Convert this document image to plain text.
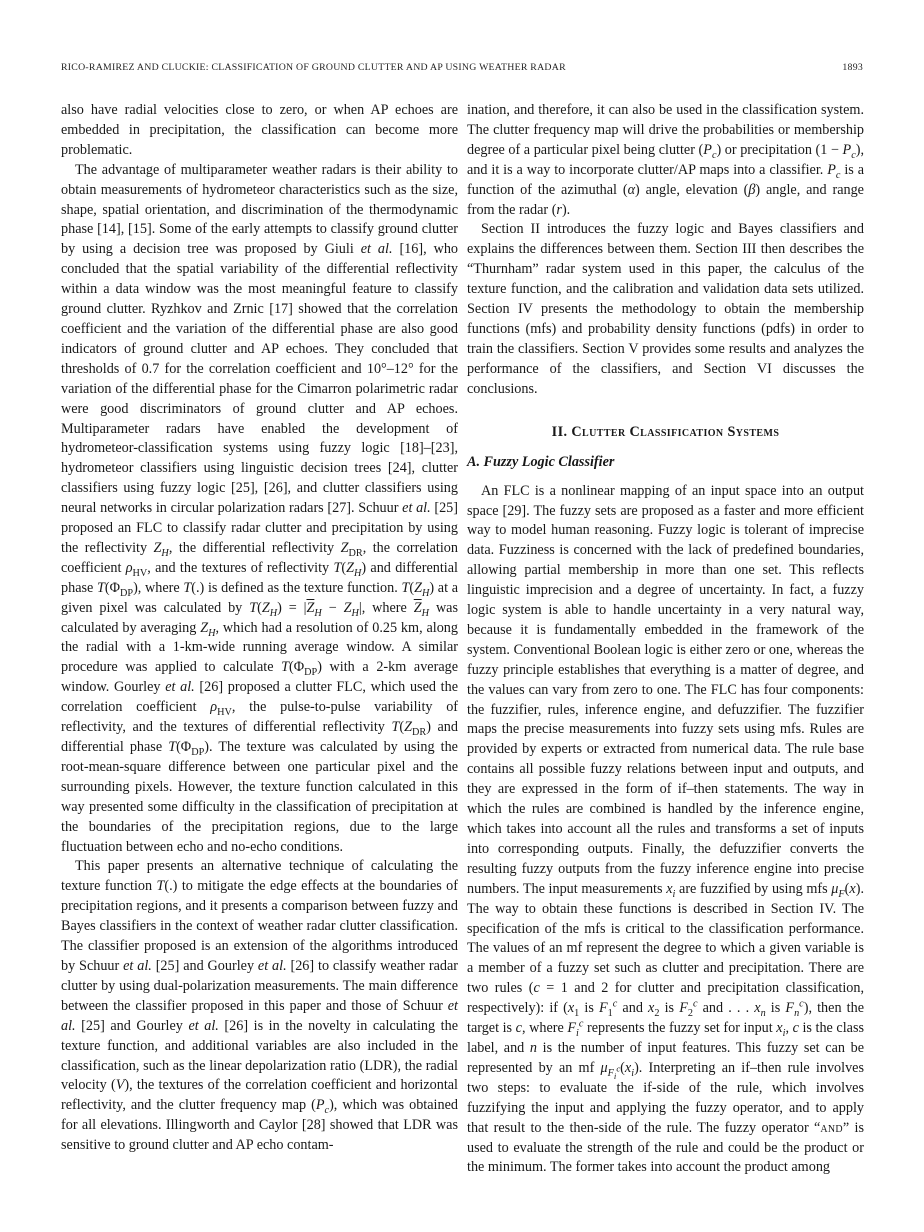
RICO-RAMIREZ AND CLUCKIE: CLASSIFICATION OF GROUND CLUTTER AND AP USING WEATHER RADAR	1893

also have radial velocities close to zero, or when AP echoes are embedded in precipitation, the classification can become more problematic.

The advantage of multiparameter weather radars is their ability to obtain measurements of hydrometeor characteristics such as the size, shape, spatial orientation, and discrimination of the thermodynamic phase [14], [15]. Some of the early attempts to classify ground clutter by using a decision tree was proposed by Giuli et al. [16], who concluded that the spatial variability of the differential reflectivity within a data window was the most meaningful feature to classify ground clutter. Ryzhkov and Zrnic [17] showed that the correlation coefficient and the variation of the differential phase are also good indicators of ground clutter and AP echoes. They concluded that thresholds of 0.7 for the correlation coefficient and 10°–12° for the variation of the differential phase for the Cimarron polarimetric radar were good discriminators of ground clutter and AP echoes. Multiparameter radars have enabled the development of hydrometeor-classification systems using fuzzy logic [18]–[23], hydrometeor classifiers using linguistic decision trees [24], clutter classifiers using fuzzy logic [25], [26], and clutter classifiers using neural networks in circular polarization radars [27]. Schuur et al. [25] proposed an FLC to classify radar clutter and precipitation by using the reflectivity $Z_H$, the differential reflectivity $Z_{DR}$, the correlation coefficient $\rho_{HV}$, and the textures of reflectivity $T(Z_H)$ and differential phase $T(\Phi_{DP})$, where T(.) is defined as the texture function. $T(Z_H)$ at a given pixel was calculated by $T(Z_H) = |\overline{Z}_H - Z_H|$, where $\overline{Z}_H$ was calculated by averaging $Z_H$, which had a resolution of 0.25 km, along the radial with a 1-km-wide running average window. A similar procedure was applied to calculate $T(\Phi_{DP})$ with a 2-km average window. Gourley et al. [26] proposed a clutter FLC, which used the correlation coefficient $\rho_{HV}$, the pulse-to-pulse variability of reflectivity, and the textures of differential reflectivity $T(Z_{DR})$ and differential phase $T(\Phi_{DP})$. The texture was calculated by using the root-mean-square difference between one particular pixel and the surrounding pixels. However, the texture function calculated in this way presented some difficulty in the classification of precipitation at the boundaries of the precipitation regions, due to the large fluctuation between echo and no-echo conditions.

This paper presents an alternative technique of calculating the texture function T(.) to mitigate the edge effects at the boundaries of precipitation regions, and it presents a comparison between fuzzy and Bayes classifiers in the context of weather radar clutter classification. The classifier proposed is an extension of the algorithms introduced by Schuur et al. [25] and Gourley et al. [26] to classify weather radar clutter by using dual-polarization measurements. The main difference between the classifier proposed in this paper and those of Schuur et al. [25] and Gourley et al. [26] is in the novelty in calculating the texture function, and additional variables are also included in the classification, such as the linear depolarization ratio (LDR), the radial velocity (V), the textures of the correlation coefficient and horizontal reflectivity, and the clutter frequency map $(P_c)$, which was obtained for all elevations. Illingworth and Caylor [28] showed that LDR was sensitive to ground clutter and AP echo contam-

ination, and therefore, it can also be used in the classification system. The clutter frequency map will drive the probabilities or membership degree of a particular pixel being clutter $(P_c)$ or precipitation $(1 - P_c)$, and it is a way to incorporate clutter/AP maps into a classifier. $P_c$ is a function of the azimuthal (α) angle, elevation (β) angle, and range from the radar (r).

Section II introduces the fuzzy logic and Bayes classifiers and explains the differences between them. Section III then describes the “Thurnham” radar system used in this paper, the calculus of the texture function, and the calibration and validation data sets utilized. Section IV presents the methodology to obtain the membership functions (mfs) and probability density functions (pdfs) in order to train the classifiers. Section V provides some results and analyzes the performance of the classifiers, and Section VI discusses the conclusions.

II. Clutter Classification Systems
A. Fuzzy Logic Classifier

An FLC is a nonlinear mapping of an input space into an output space [29]. The fuzzy sets are proposed as a faster and more efficient way to model human reasoning. Fuzzy logic is tolerant of imprecise data. Fuzziness is concerned with the lack of predefined boundaries, allowing partial membership in more than one set. This reflects linguistic imprecision and a degree of uncertainty. In fact, a fuzzy logic system is able to handle uncertainty in a very natural way, because it is fundamentally embedded in the framework of the system. Conventional Boolean logic is either zero or one, whereas the fuzzy principle establishes that everything is a matter of degree, and the values can vary from zero to one. The FLC has four components: the fuzzifier, rules, inference engine, and defuzzifier. The fuzzifier maps the precise measurements into fuzzy sets using mfs. Rules are provided by experts or extracted from numerical data. The rule base contains all possible fuzzy relations between input and outputs, and they are expressed in the form of if–then statements. The way in which the rules are combined is handled by the inference engine, which takes into account all the rules and transforms a set of inputs into corresponding outputs. Finally, the defuzzifier converts the resulting fuzzy outputs from the fuzzy inference engine into precise numbers. The input measurements $x_i$ are fuzzified by using mfs $\mu_F(x)$. The way to obtain these functions is described in Section IV. The specification of the mfs is critical to the classification performance. The values of an mf represent the degree to which a given variable is a member of a fuzzy set such as clutter and precipitation. There are two rules (c = 1 and 2 for clutter and precipitation classification, respectively): if ($x_1$ is $F_1^c$ and $x_2$ is $F_2^c$ and . . . $x_n$ is $F_n^c$), then the target is c, where $F_i^c$ represents the fuzzy set for input $x_i$, c is the class label, and n is the number of input features. This fuzzy set can be represented by an mf $\mu_{F_i^c}(x_i)$. Interpreting an if–then rule involves two steps: to evaluate the if-side of the rule, which involves fuzzifying the input and applying the fuzzy operator, and to apply that result to the then-side of the rule. The fuzzy operator “and” is used to evaluate the strength of the rule and could be the product or the minimum. The former takes into account the product among
